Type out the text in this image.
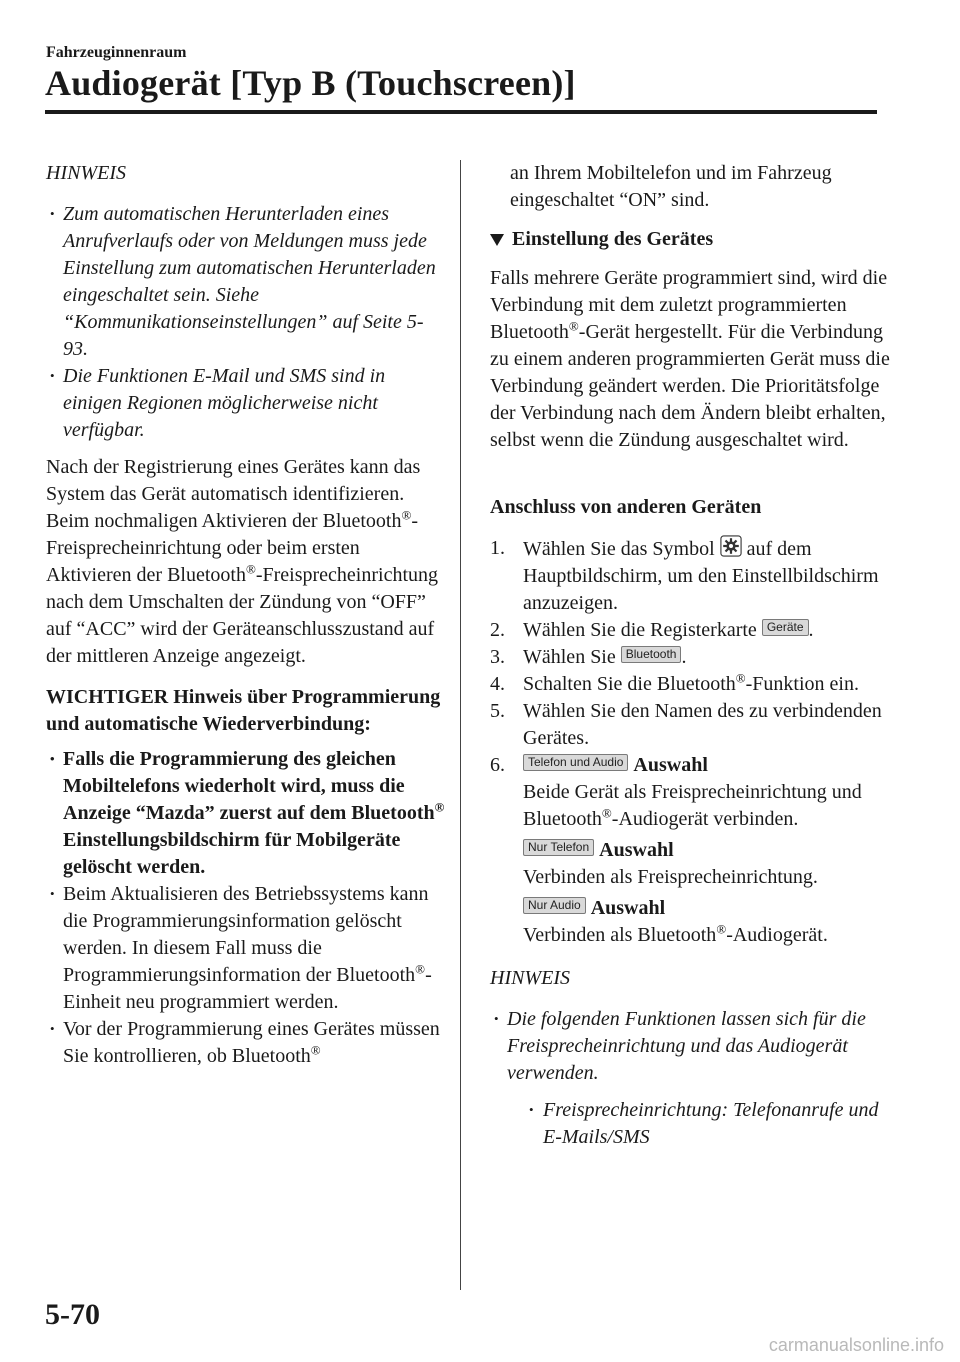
Fahrzeuginnenraum
Audiogerät [Typ B (Touchscreen)]

HINWEIS

• Zum automatischen Herunterladen eines Anrufverlaufs oder von Meldungen muss jede Einstellung zum automatischen Herunterladen eingeschaltet sein. Siehe “Kommunikationseinstellungen” auf Seite 5-93.
• Die Funktionen E-Mail und SMS sind in einigen Regionen möglicherweise nicht verfügbar.

Nach der Registrierung eines Gerätes kann das System das Gerät automatisch identifizieren. Beim nochmaligen Aktivieren der Bluetooth®-Freisprecheinrichtung oder beim ersten Aktivieren der Bluetooth®-Freisprecheinrichtung nach dem Umschalten der Zündung von “OFF” auf “ACC” wird der Geräteanschlusszustand auf der mittleren Anzeige angezeigt.

WICHTIGER Hinweis über Programmierung und automatische Wiederverbindung:

• Falls die Programmierung des gleichen Mobiltelefons wiederholt wird, muss die Anzeige “Mazda” zuerst auf dem Bluetooth® Einstellungsbildschirm für Mobilgeräte gelöscht werden.
• Beim Aktualisieren des Betriebssystems kann die Programmierungsinformation gelöscht werden. In diesem Fall muss die Programmierungsinformation der Bluetooth®-Einheit neu programmiert werden.
• Vor der Programmierung eines Gerätes müssen Sie kontrollieren, ob Bluetooth®

an Ihrem Mobiltelefon und im Fahrzeug eingeschaltet “ON” sind.

Einstellung des Gerätes

Falls mehrere Geräte programmiert sind, wird die Verbindung mit dem zuletzt programmierten Bluetooth®-Gerät hergestellt. Für die Verbindung zu einem anderen programmierten Gerät muss die Verbindung geändert werden. Die Prioritätsfolge der Verbindung nach dem Ändern bleibt erhalten, selbst wenn die Zündung ausgeschaltet wird.

Anschluss von anderen Geräten

1. Wählen Sie das Symbol auf dem Hauptbildschirm, um den Einstellbildschirm anzuzeigen.
2. Wählen Sie die Registerkarte Geräte .
3. Wählen Sie Bluetooth .
4. Schalten Sie die Bluetooth®-Funktion ein.
5. Wählen Sie den Namen des zu verbindenden Gerätes.
6.	Telefon und Audio Auswahl
Beide Gerät als Freisprecheinrichtung und Bluetooth®-Audiogerät verbinden.
Nur Telefon Auswahl
Verbinden als Freisprecheinrichtung.
Nur Audio Auswahl
Verbinden als Bluetooth®-Audiogerät.

HINWEIS

• Die folgenden Funktionen lassen sich für die Freisprecheinrichtung und das Audiogerät verwenden.
• Freisprecheinrichtung: Telefonanrufe und E-Mails/SMS
5-70
carmanualsonline.info
